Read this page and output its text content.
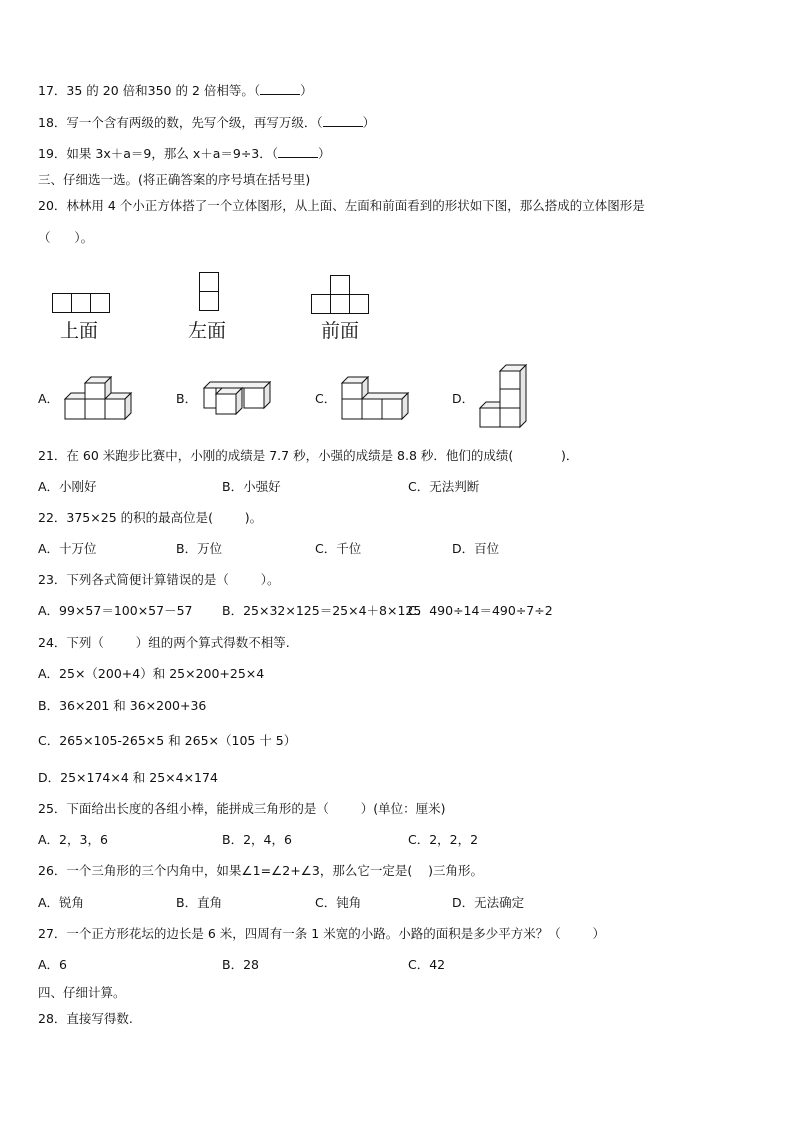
17．35 的 20 倍和350 的 2 倍相等。（	）
18．写一个含有两级的数，先写个级，再写万级．（	）
19．如果 3x＋a＝9，那么 x＋a＝9÷3．（	）
三、仔细选一选。(将正确答案的序号填在括号里)
20．林林用 4 个小正方体搭了一个立体图形，从上面、左面和前面看到的形状如下图，那么搭成的立体图形是
（      ）。
上面	左面	前面
A．	B．	C．	D．
21．在 60 米跑步比赛中，小刚的成绩是 7.7 秒，小强的成绩是 8.8 秒．他们的成绩(            )．
A．小刚好	B．小强好	C．无法判断
22．375×25 的积的最高位是(        )。
A．十万位	B．万位	C．千位	D．百位
23．下列各式简便计算错误的是（        ）。
A．99×57＝100×57－57 B．25×32×125＝25×4＋8×125
C．490÷14＝490÷7÷2
24．下列（        ）组的两个算式得数不相等.
A．25×（200+4）和 25×200+25×4
B．36×201 和 36×200+36
C．265×105-265×5 和 265×（105 十 5）
D．25×174×4 和 25×4×174
25．下面给出长度的各组小棒，能拼成三角形的是（        ）(单位：厘米)
A．2，3，6	B．2，4，6	C．2，2，2
26．一个三角形的三个内角中，如果∠1=∠2+∠3，那么它一定是(    )三角形。
A．锐角	B．直角	C．钝角	D．无法确定
27．一个正方形花坛的边长是 6 米，四周有一条 1 米宽的小路。小路的面积是多少平方米？（        ）
A．6	B．28	C．42
四、仔细计算。
28．直接写得数.
